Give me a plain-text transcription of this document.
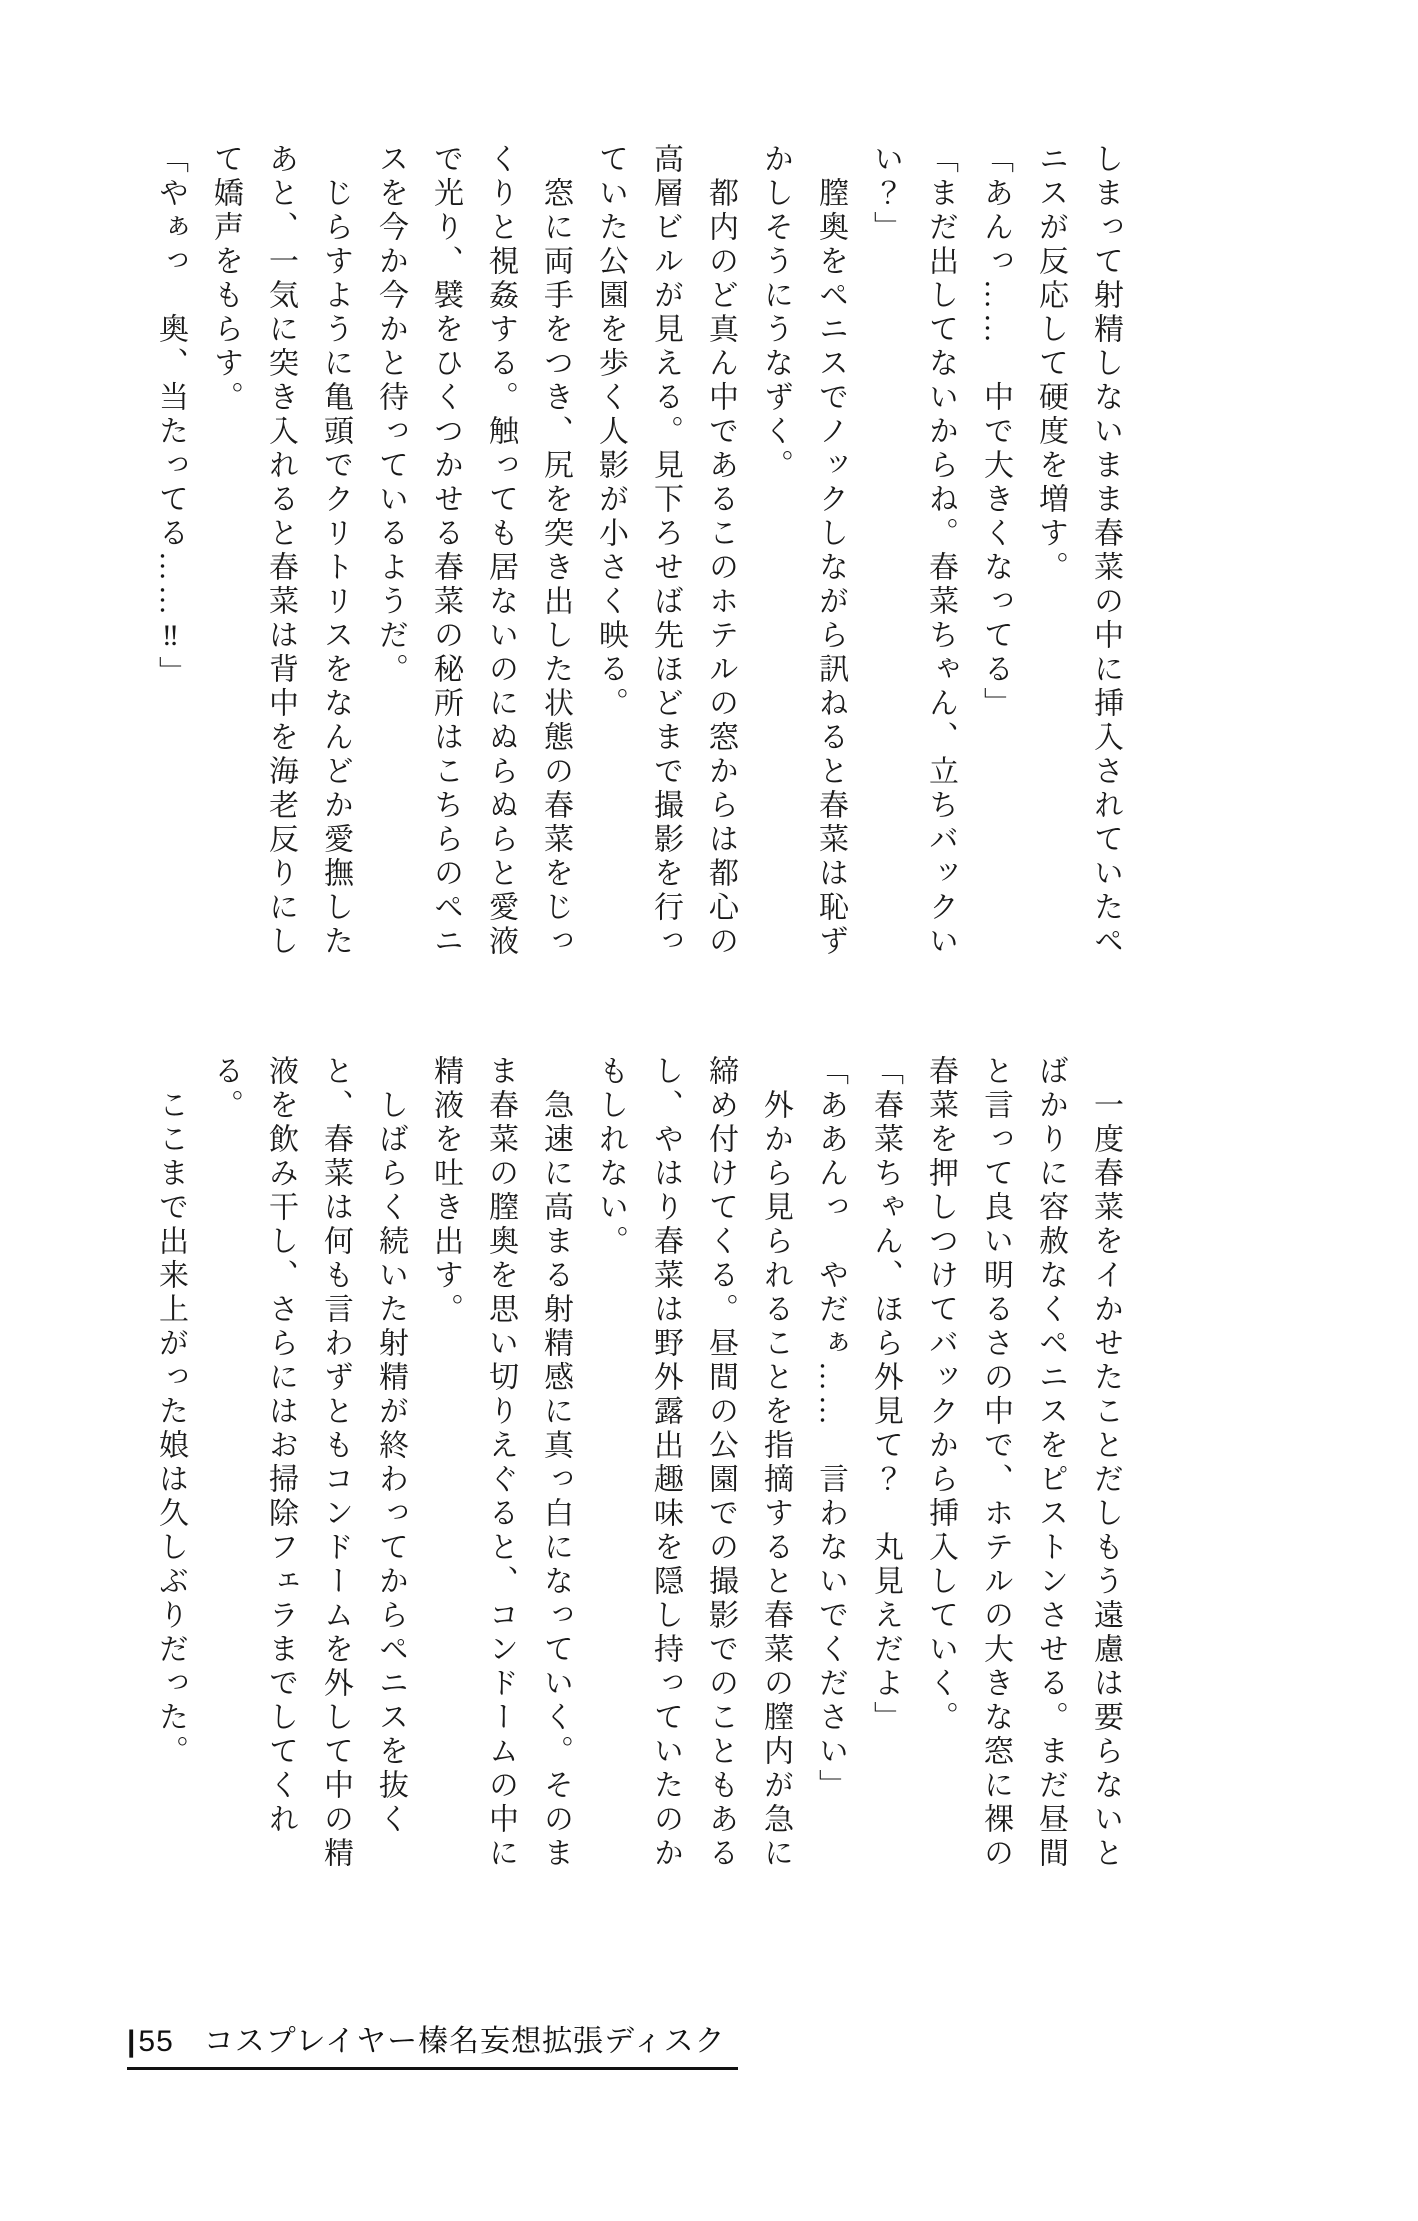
しまって射精しないまま春菜の中に挿入されていたペニスが反応して硬度を増す。

「あんっ……　中で大きくなってる」

「まだ出してないからね。春菜ちゃん、立ちバックいい？」

　膣奥をペニスでノックしながら訊ねると春菜は恥ずかしそうにうなずく。

　都内のど真ん中であるこのホテルの窓からは都心の高層ビルが見える。見下ろせば先ほどまで撮影を行っていた公園を歩く人影が小さく映る。

　窓に両手をつき、尻を突き出した状態の春菜をじっくりと視姦する。触っても居ないのにぬらぬらと愛液で光り、襞をひくつかせる春菜の秘所はこちらのペニスを今か今かと待っているようだ。

　じらすように亀頭でクリトリスをなんどか愛撫したあと、一気に突き入れると春菜は背中を海老反りにして嬌声をもらす。

「やぁっ　奥、当たってる……‼」

　一度春菜をイかせたことだしもう遠慮は要らないとばかりに容赦なくペニスをピストンさせる。まだ昼間と言って良い明るさの中で、ホテルの大きな窓に裸の春菜を押しつけてバックから挿入していく。

「春菜ちゃん、ほら外見て？　丸見えだよ」

「ああんっ　やだぁ……　言わないでください」

　外から見られることを指摘すると春菜の膣内が急に締め付けてくる。昼間の公園での撮影でのこともあるし、やはり春菜は野外露出趣味を隠し持っていたのかもしれない。

　急速に高まる射精感に真っ白になっていく。そのまま春菜の膣奥を思い切りえぐると、コンドームの中に精液を吐き出す。

　しばらく続いた射精が終わってからペニスを抜くと、春菜は何も言わずともコンドームを外して中の精液を飲み干し、さらにはお掃除フェラまでしてくれる。

　ここまで出来上がった娘は久しぶりだった。

| 55 コスプレイヤー榛名妄想拡張ディスク
